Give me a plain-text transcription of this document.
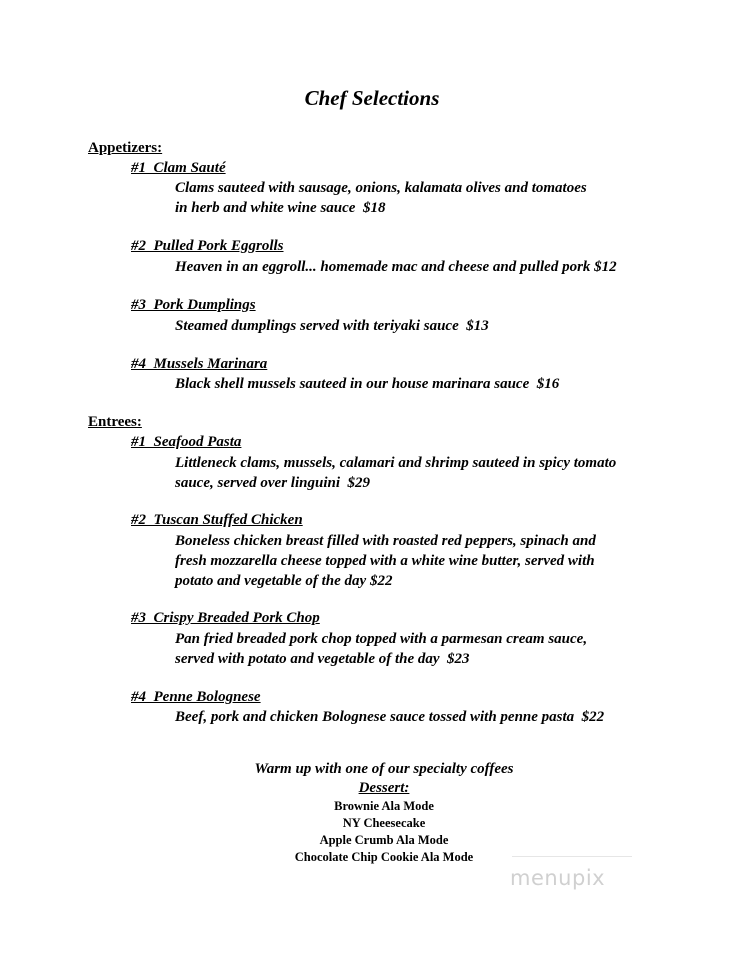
Chef Selections
Appetizers:
#1  Clam Sauté
Clams sauteed with sausage, onions, kalamata olives and tomatoes
in herb and white wine sauce  $18
#2  Pulled Pork Eggrolls
Heaven in an eggroll... homemade mac and cheese and pulled pork $12
#3  Pork Dumplings
Steamed dumplings served with teriyaki sauce  $13
#4  Mussels Marinara
Black shell mussels sauteed in our house marinara sauce  $16
Entrees:
#1  Seafood Pasta
Littleneck clams, mussels, calamari and shrimp sauteed in spicy tomato
sauce, served over linguini  $29
#2  Tuscan Stuffed Chicken
Boneless chicken breast filled with roasted red peppers, spinach and
fresh mozzarella cheese topped with a white wine butter, served with
potato and vegetable of the day $22
#3  Crispy Breaded Pork Chop
Pan fried breaded pork chop topped with a parmesan cream sauce,
served with potato and vegetable of the day  $23
#4  Penne Bolognese
Beef, pork and chicken Bolognese sauce tossed with penne pasta  $22
Warm up with one of our specialty coffees
Dessert:
Brownie Ala Mode
NY Cheesecake
Apple Crumb Ala Mode
Chocolate Chip Cookie Ala Mode
menupix
